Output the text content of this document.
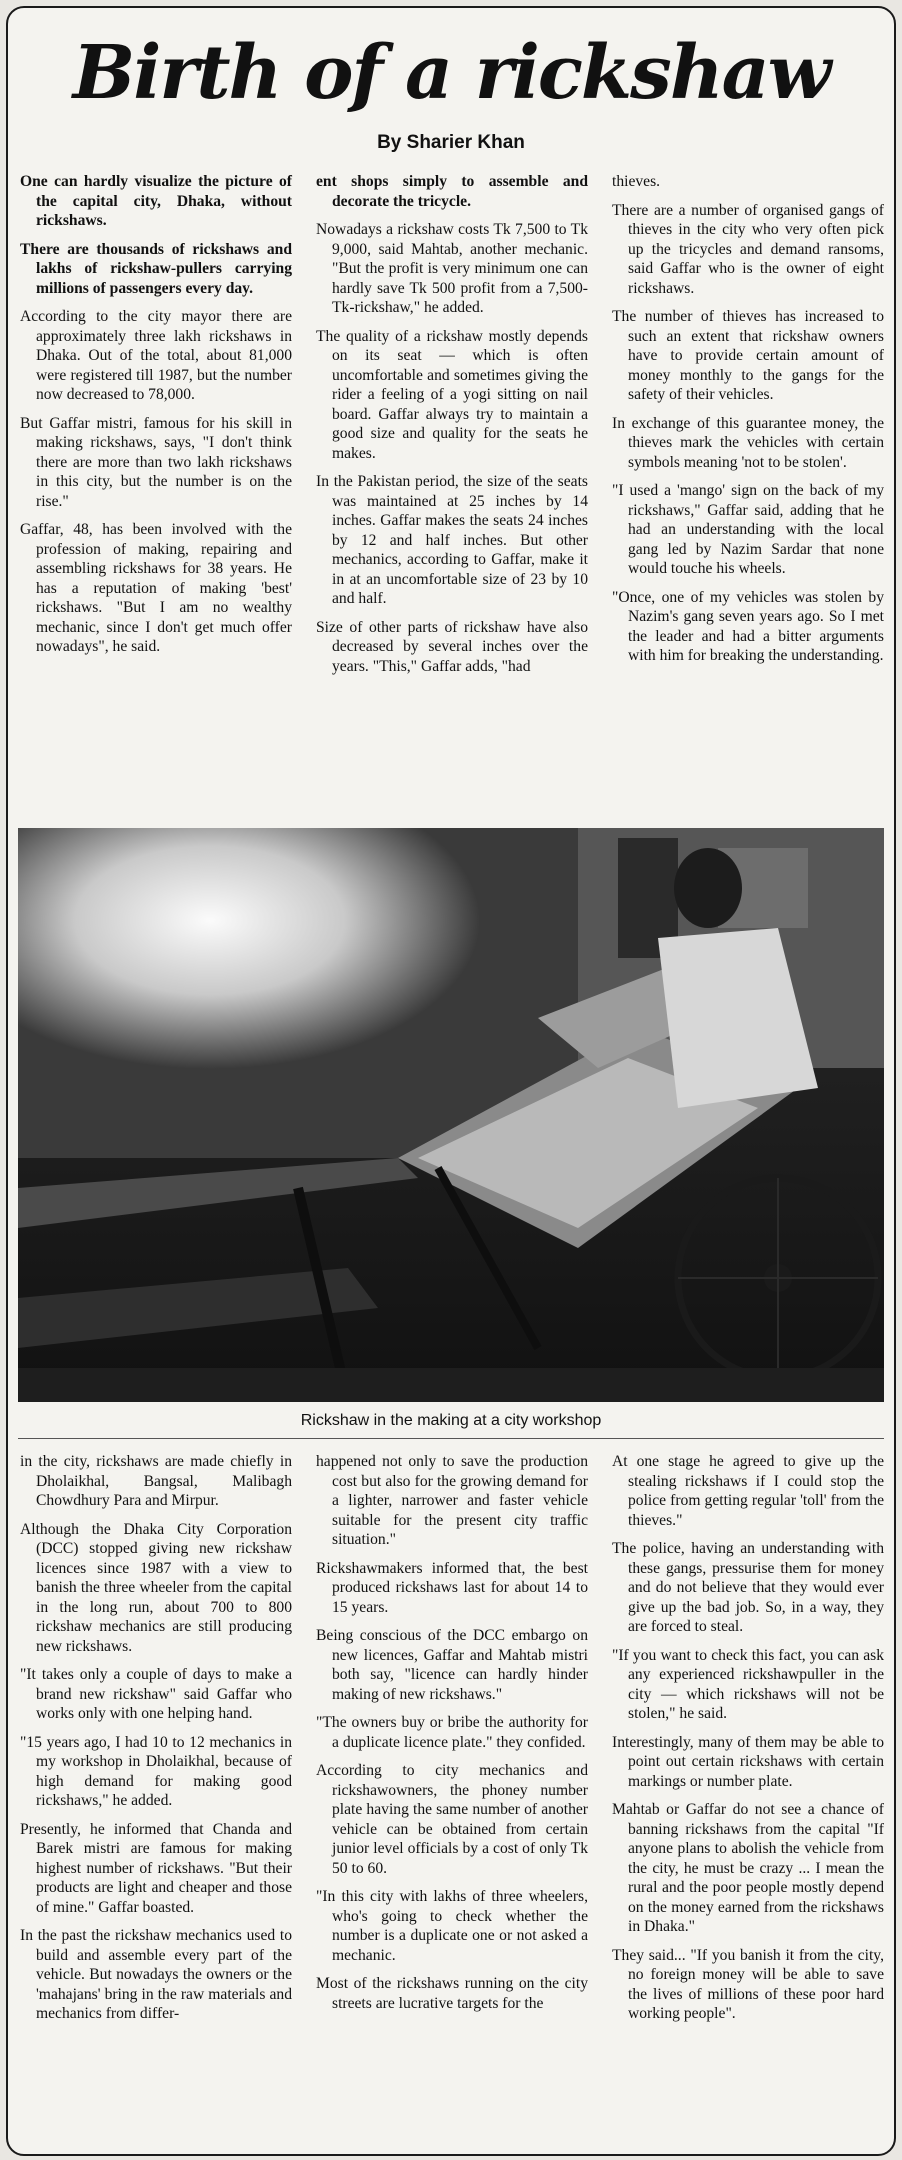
Birth of a rickshaw
By Sharier Khan

One can hardly visualize the picture of the capital city, Dhaka, without rickshaws.

There are thousands of rickshaws and lakhs of rickshaw-pullers carrying millions of passengers every day.

According to the city mayor there are approximately three lakh rickshaws in Dhaka. Out of the total, about 81,000 were registered till 1987, but the number now decreased to 78,000.

But Gaffar mistri, famous for his skill in making rickshaws, says, "I don't think there are more than two lakh rickshaws in this city, but the number is on the rise."

Gaffar, 48, has been involved with the profession of making, repairing and assembling rickshaws for 38 years. He has a reputation of making 'best' rickshaws. "But I am no wealthy mechanic, since I don't get much offer nowadays", he said.

ent shops simply to assemble and decorate the tricycle.

Nowadays a rickshaw costs Tk 7,500 to Tk 9,000, said Mahtab, another mechanic. "But the profit is very minimum one can hardly save Tk 500 profit from a 7,500-Tk-rickshaw," he added.

The quality of a rickshaw mostly depends on its seat — which is often uncomfortable and sometimes giving the rider a feeling of a yogi sitting on nail board. Gaffar always try to maintain a good size and quality for the seats he makes.

In the Pakistan period, the size of the seats was maintained at 25 inches by 14 inches. Gaffar makes the seats 24 inches by 12 and half inches. But other mechanics, according to Gaffar, make it in at an uncomfortable size of 23 by 10 and half.

Size of other parts of rickshaw have also decreased by several inches over the years. "This," Gaffar adds, "had

thieves.

There are a number of organised gangs of thieves in the city who very often pick up the tricycles and demand ransoms, said Gaffar who is the owner of eight rickshaws.

The number of thieves has increased to such an extent that rickshaw owners have to provide certain amount of money monthly to the gangs for the safety of their vehicles.

In exchange of this guarantee money, the thieves mark the vehicles with certain symbols meaning 'not to be stolen'.

"I used a 'mango' sign on the back of my rickshaws," Gaffar said, adding that he had an understanding with the local gang led by Nazim Sardar that none would touche his wheels.

"Once, one of my vehicles was stolen by Nazim's gang seven years ago. So I met the leader and had a bitter arguments with him for breaking the understanding.

Rickshaw in the making at a city workshop

in the city, rickshaws are made chiefly in Dholaikhal, Bangsal, Malibagh Chowdhury Para and Mirpur.

Although the Dhaka City Corporation (DCC) stopped giving new rickshaw licences since 1987 with a view to banish the three wheeler from the capital in the long run, about 700 to 800 rickshaw mechanics are still producing new rickshaws.

"It takes only a couple of days to make a brand new rickshaw" said Gaffar who works only with one helping hand.

"15 years ago, I had 10 to 12 mechanics in my workshop in Dholaikhal, because of high demand for making good rickshaws," he added.

Presently, he informed that Chanda and Barek mistri are famous for making highest number of rickshaws. "But their products are light and cheaper and those of mine." Gaffar boasted.

In the past the rickshaw mechanics used to build and assemble every part of the vehicle. But nowadays the owners or the 'mahajans' bring in the raw materials and mechanics from differ-

happened not only to save the production cost but also for the growing demand for a lighter, narrower and faster vehicle suitable for the present city traffic situation."

Rickshawmakers informed that, the best produced rickshaws last for about 14 to 15 years.

Being conscious of the DCC embargo on new licences, Gaffar and Mahtab mistri both say, "licence can hardly hinder making of new rickshaws."

"The owners buy or bribe the authority for a duplicate licence plate." they confided.

According to city mechanics and rickshawowners, the phoney number plate having the same number of another vehicle can be obtained from certain junior level officials by a cost of only Tk 50 to 60.

"In this city with lakhs of three wheelers, who's going to check whether the number is a duplicate one or not asked a mechanic.

Most of the rickshaws running on the city streets are lucrative targets for the

At one stage he agreed to give up the stealing rickshaws if I could stop the police from getting regular 'toll' from the thieves."

The police, having an understanding with these gangs, pressurise them for money and do not believe that they would ever give up the bad job. So, in a way, they are forced to steal.

"If you want to check this fact, you can ask any experienced rickshawpuller in the city — which rickshaws will not be stolen," he said.

Interestingly, many of them may be able to point out certain rickshaws with certain markings or number plate.

Mahtab or Gaffar do not see a chance of banning rickshaws from the capital "If anyone plans to abolish the vehicle from the city, he must be crazy ... I mean the rural and the poor people mostly depend on the money earned from the rickshaws in Dhaka."

They said... "If you banish it from the city, no foreign money will be able to save the lives of millions of these poor hard working people".
